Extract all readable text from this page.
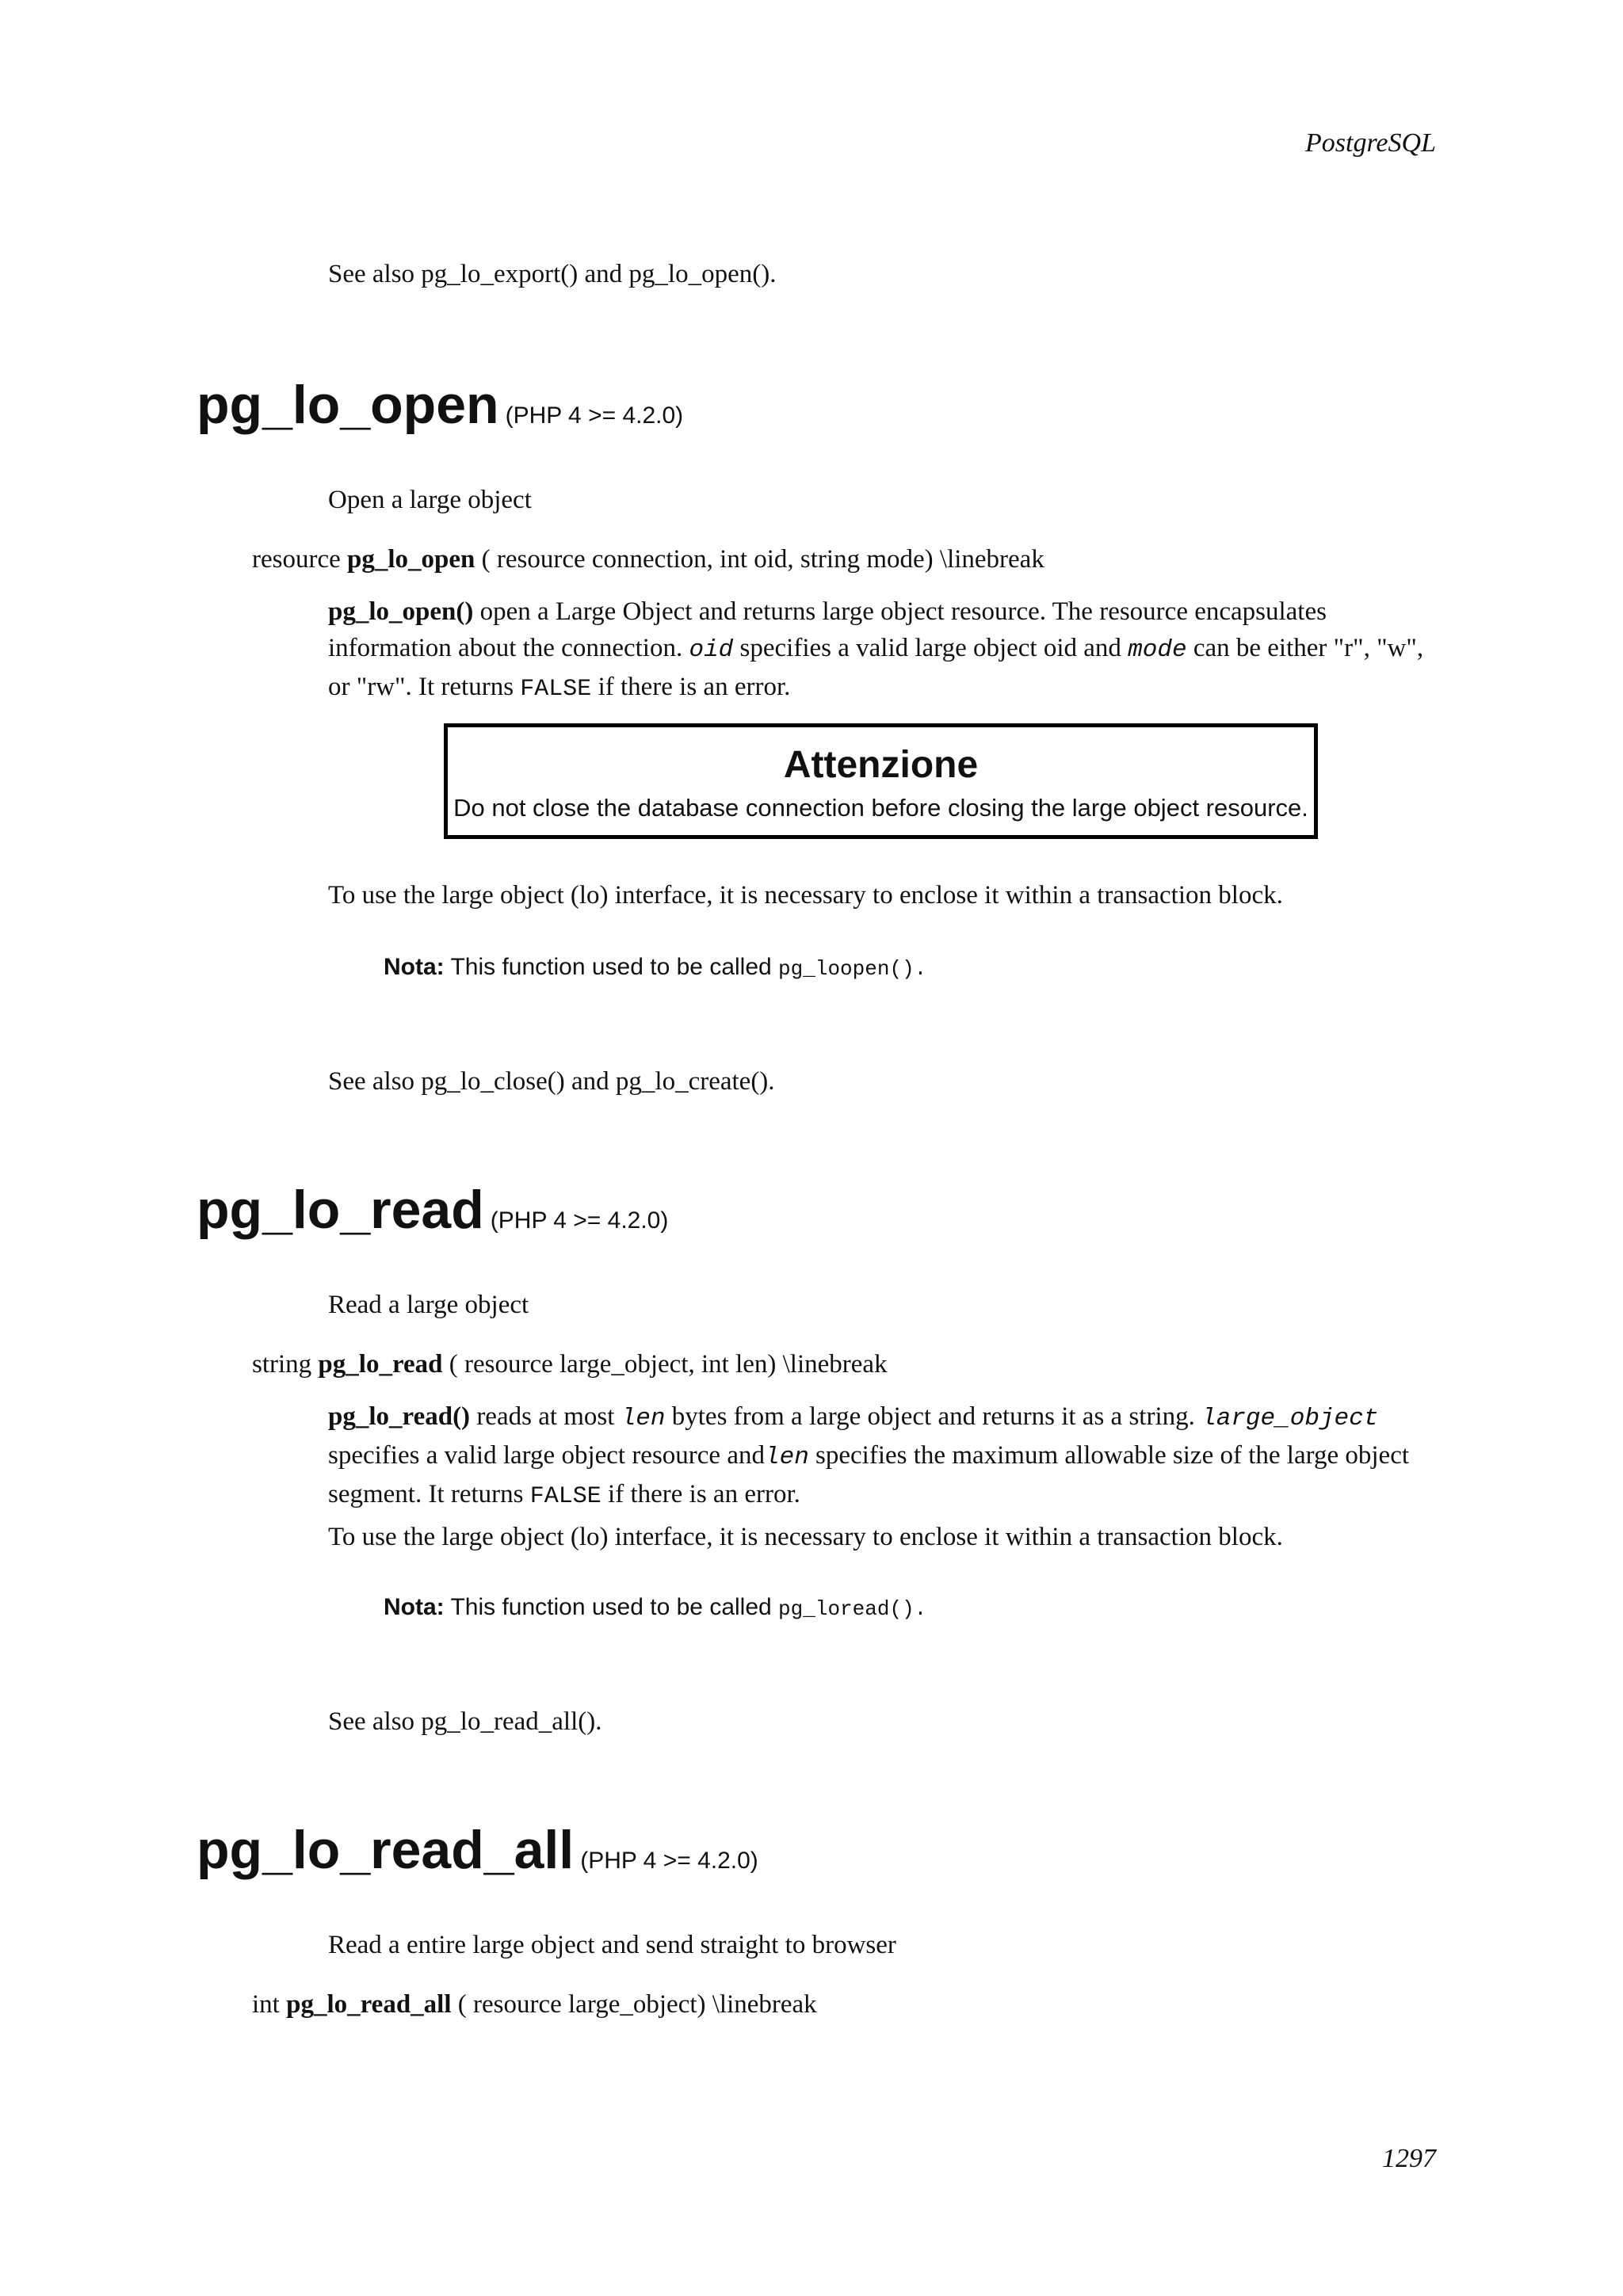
PostgreSQL
See also pg_lo_export() and pg_lo_open().
pg_lo_open (PHP 4 >= 4.2.0)
Open a large object
resource pg_lo_open ( resource connection, int oid, string mode) \linebreak
pg_lo_open() open a Large Object and returns large object resource. The resource encapsulates information about the connection. oid specifies a valid large object oid and mode can be either "r", "w", or "rw". It returns FALSE if there is an error.
Attenzione
Do not close the database connection before closing the large object resource.
To use the large object (lo) interface, it is necessary to enclose it within a transaction block.
Nota: This function used to be called pg_loopen().
See also pg_lo_close() and pg_lo_create().
pg_lo_read (PHP 4 >= 4.2.0)
Read a large object
string pg_lo_read ( resource large_object, int len) \linebreak
pg_lo_read() reads at most len bytes from a large object and returns it as a string. large_object specifies a valid large object resource andlen specifies the maximum allowable size of the large object segment. It returns FALSE if there is an error.
To use the large object (lo) interface, it is necessary to enclose it within a transaction block.
Nota: This function used to be called pg_loread().
See also pg_lo_read_all().
pg_lo_read_all (PHP 4 >= 4.2.0)
Read a entire large object and send straight to browser
int pg_lo_read_all ( resource large_object) \linebreak
1297
